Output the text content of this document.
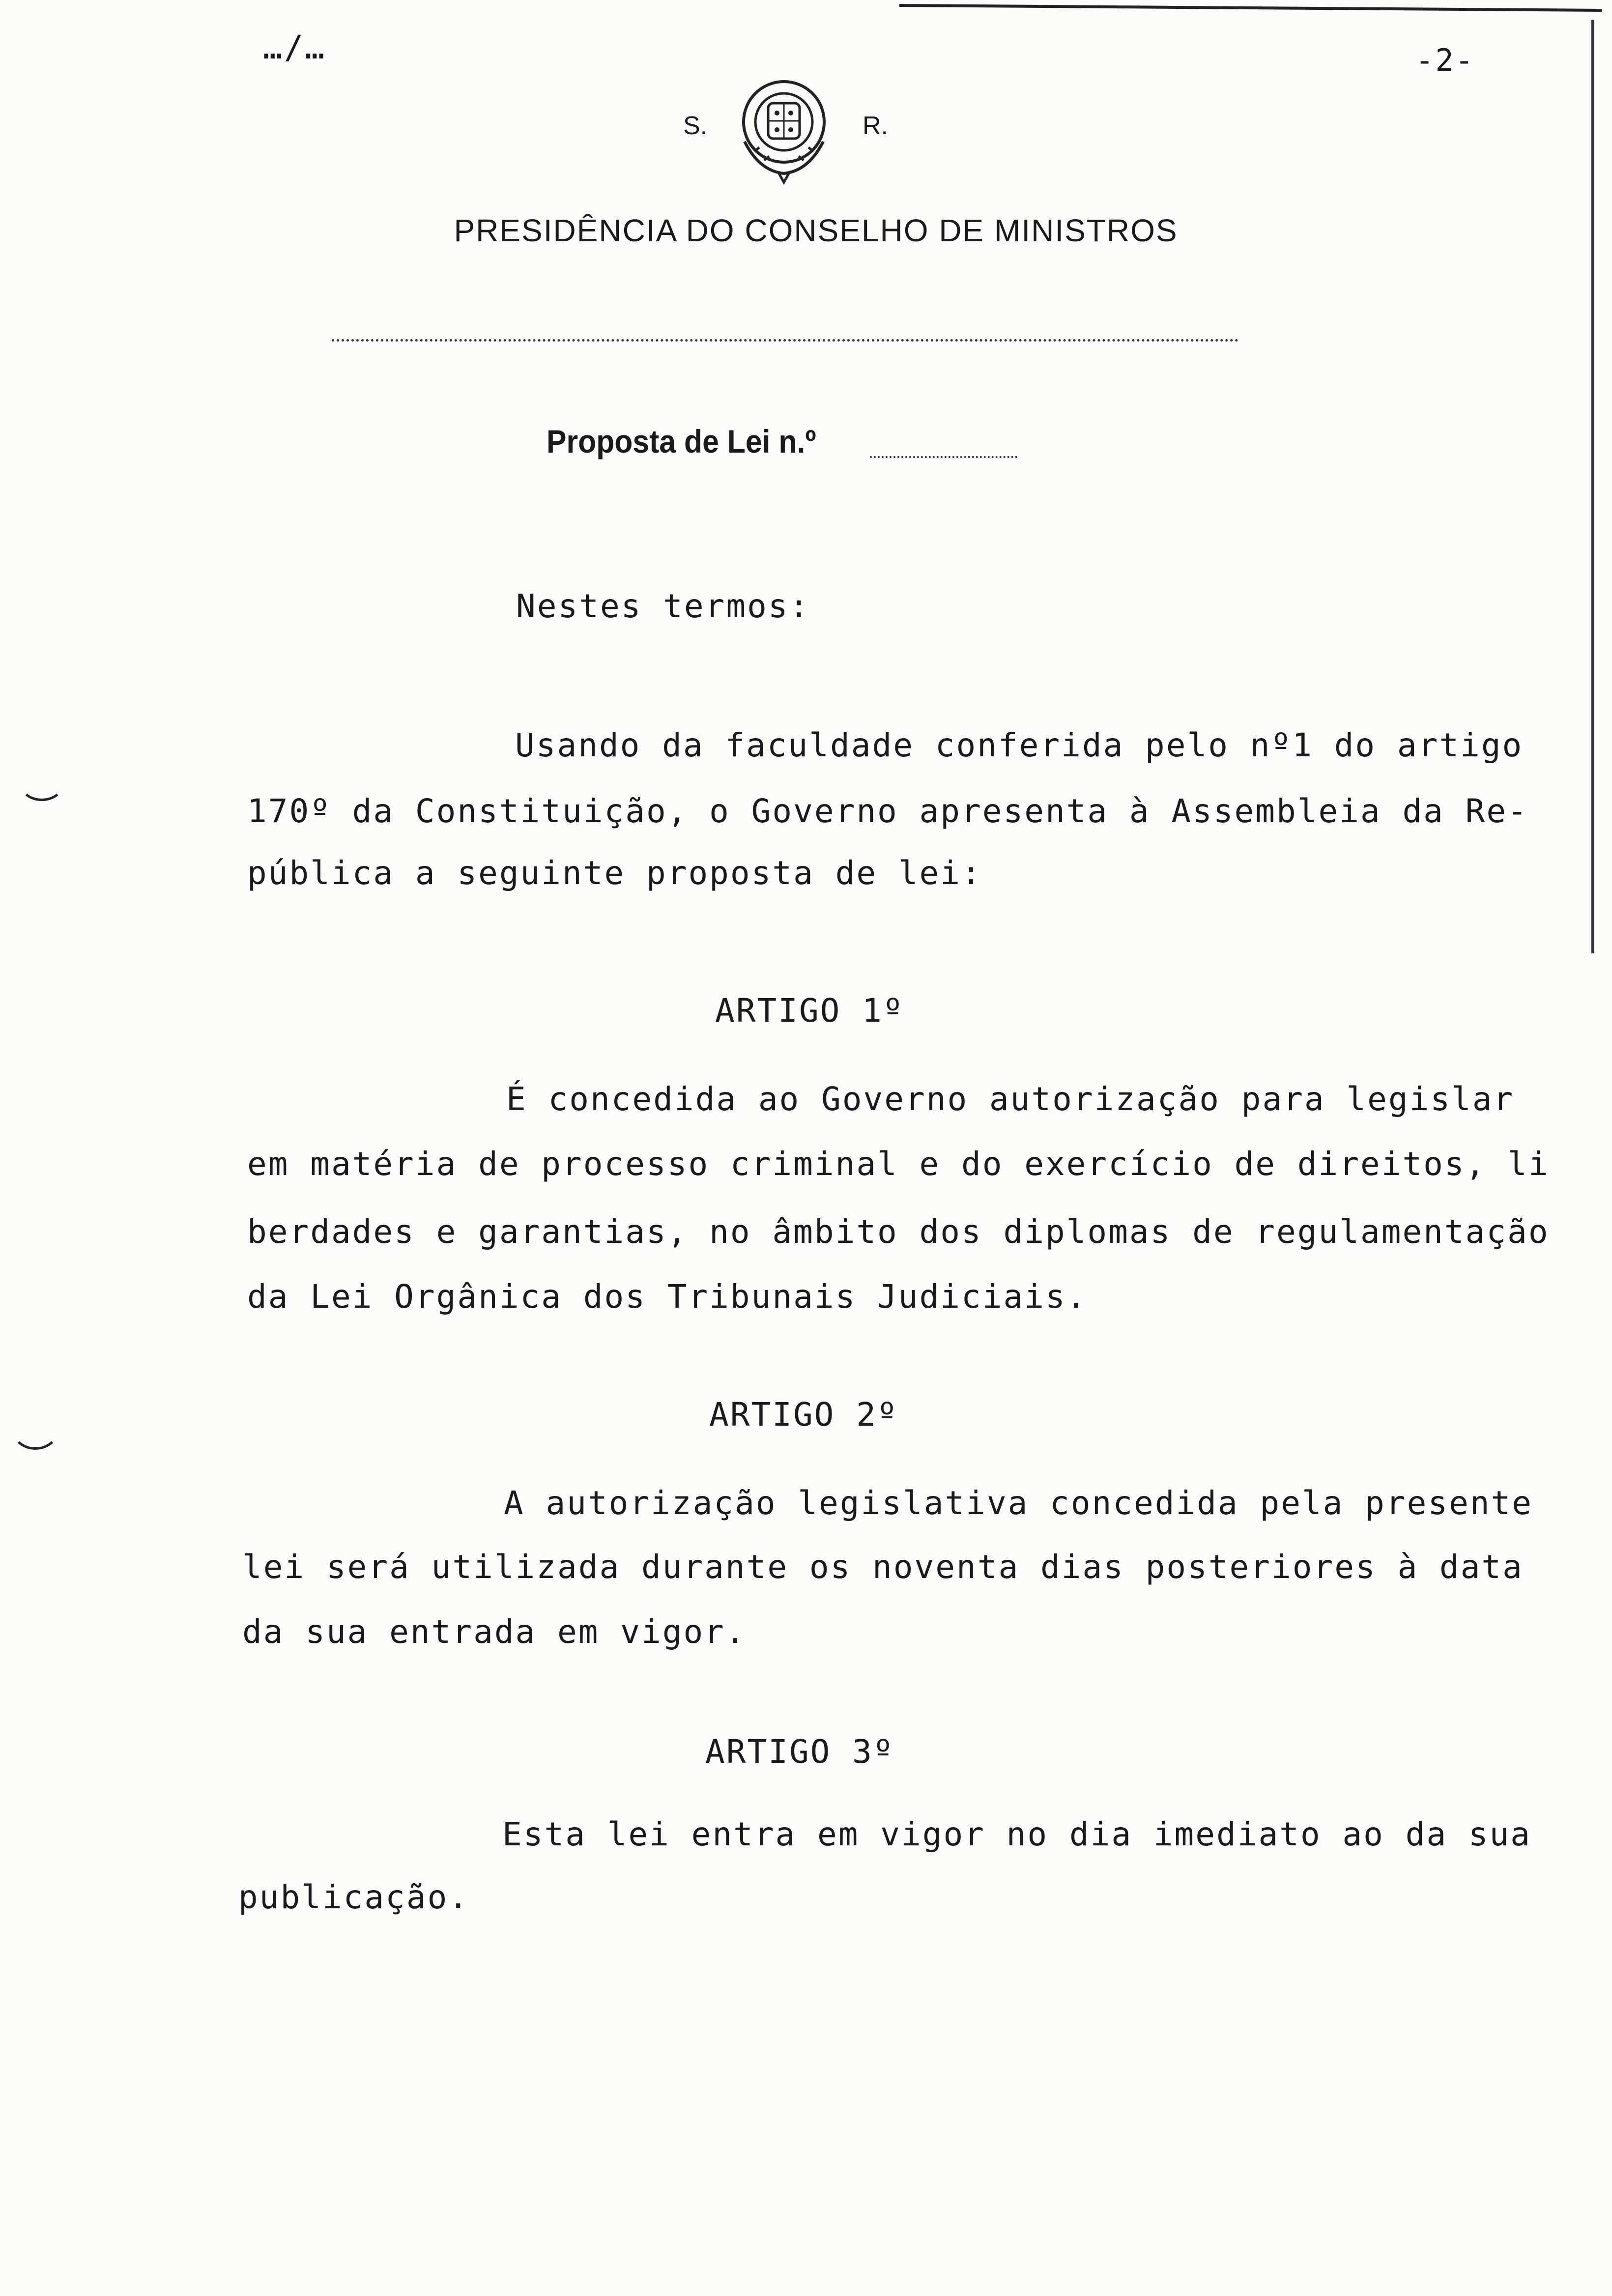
…/…	-2-
S.	R.
PRESIDÊNCIA DO CONSELHO DE MINISTROS
Proposta de Lei n.º
Nestes termos:
Usando da faculdade conferida pelo nº1 do artigo
170º da Constituição, o Governo apresenta à Assembleia da Re-
pública a seguinte proposta de lei:
ARTIGO 1º
É concedida ao Governo autorização para legislar
em matéria de processo criminal e do exercício de direitos, li
berdades e garantias, no âmbito dos diplomas de regulamentação
da Lei Orgânica dos Tribunais Judiciais.
ARTIGO 2º
A autorização legislativa concedida pela presente
lei será utilizada durante os noventa dias posteriores à data
da sua entrada em vigor.
ARTIGO 3º
Esta lei entra em vigor no dia imediato ao da sua
publicação.
